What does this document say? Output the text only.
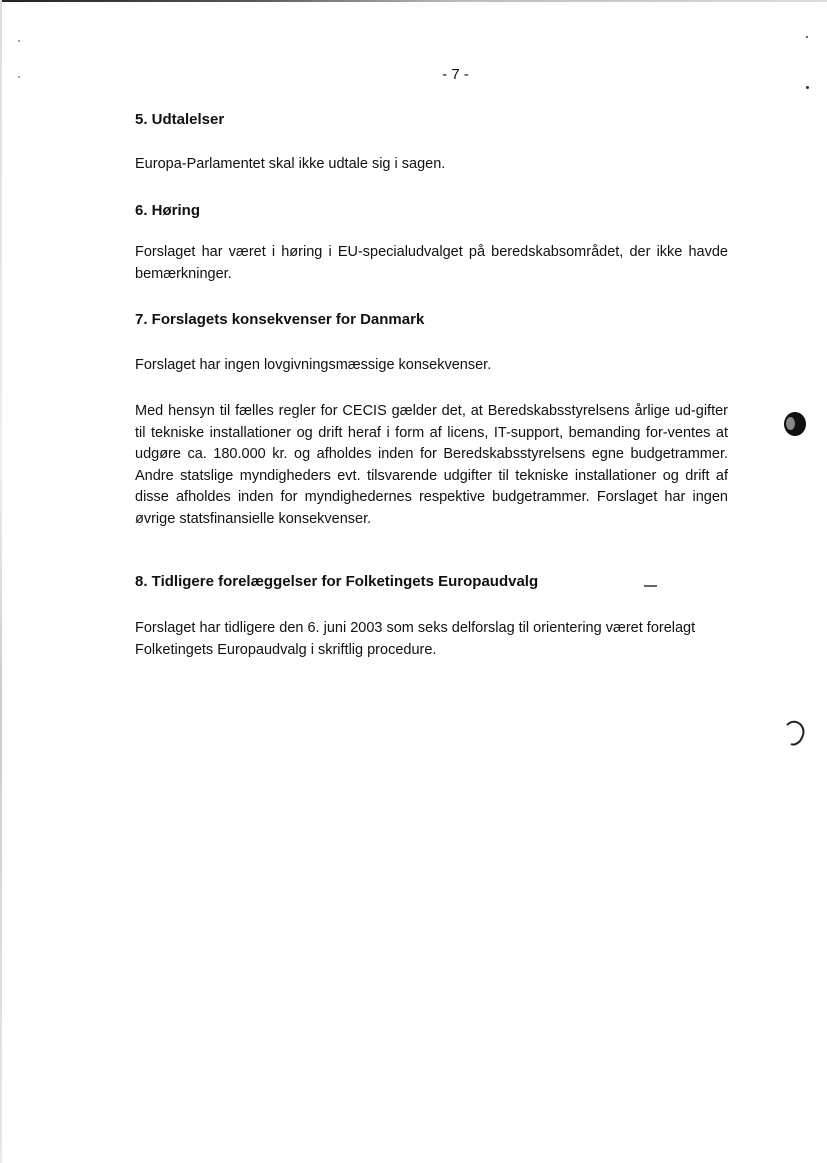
- 7 -
5. Udtalelser

Europa-Parlamentet skal ikke udtale sig i sagen.

6. Høring

Forslaget har været i høring i EU-specialudvalget på beredskabsområdet, der ikke havde bemærkninger.

7. Forslagets konsekvenser for Danmark

Forslaget har ingen lovgivningsmæssige konsekvenser.

Med hensyn til fælles regler for CECIS gælder det, at Beredskabsstyrelsens årlige ud-gifter til tekniske installationer og drift heraf i form af licens, IT-support, bemanding for-ventes at udgøre ca. 180.000 kr. og afholdes inden for Beredskabsstyrelsens egne budgetrammer. Andre statslige myndigheders evt. tilsvarende udgifter til tekniske installationer og drift af disse afholdes inden for myndighedernes respektive budgetrammer. Forslaget har ingen øvrige statsfinansielle konsekvenser.

8. Tidligere forelæggelser for Folketingets Europaudvalg

Forslaget har tidligere den 6. juni 2003 som seks delforslag til orientering været forelagt Folketingets Europaudvalg i skriftlig procedure.
